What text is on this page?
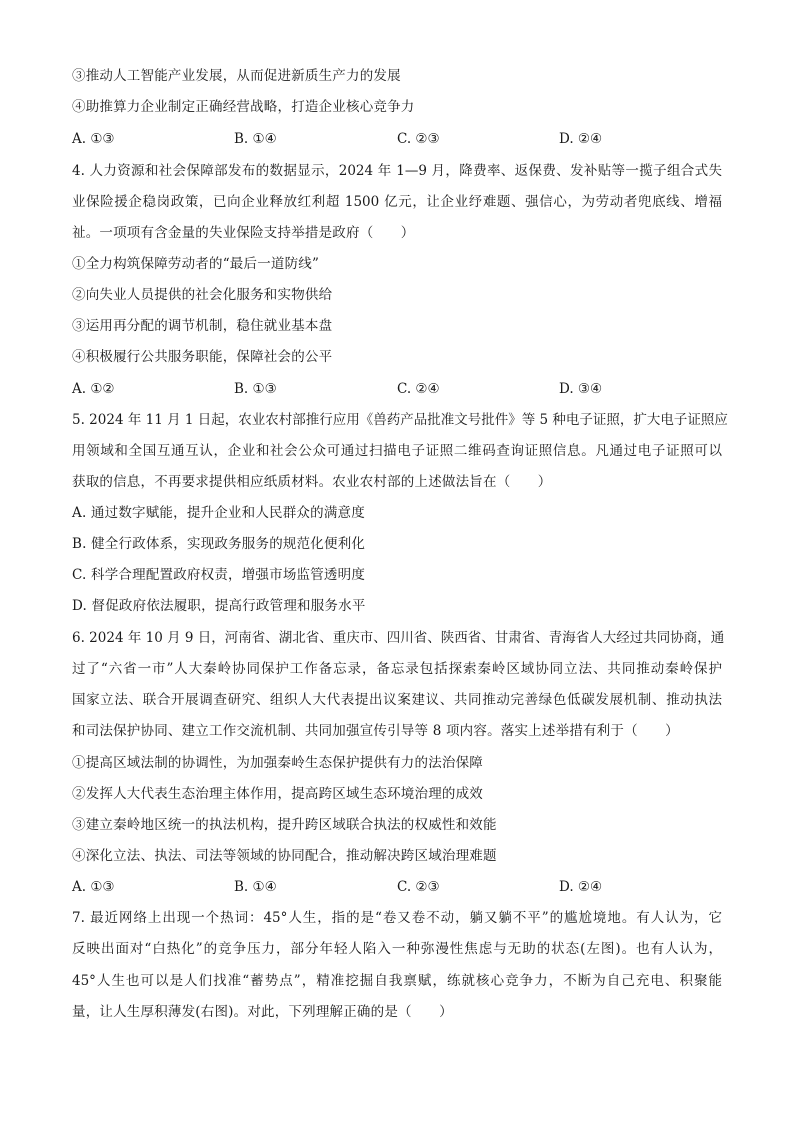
③推动人工智能产业发展，从而促进新质生产力的发展
④助推算力企业制定正确经营战略，打造企业核心竞争力
A. ①③	B. ①④	C. ②③	D. ②④
4. 人力资源和社会保障部发布的数据显示，2024 年 1—9 月，降费率、返保费、发补贴等一揽子组合式失
业保险援企稳岗政策，已向企业释放红利超 1500 亿元，让企业纾难题、强信心，为劳动者兜底线、增福
祉。一项项有含金量的失业保险支持举措是政府（　　）
①全力构筑保障劳动者的“最后一道防线”
②向失业人员提供的社会化服务和实物供给
③运用再分配的调节机制，稳住就业基本盘
④积极履行公共服务职能，保障社会的公平
A. ①②	B. ①③	C. ②④	D. ③④
5. 2024 年 11 月 1 日起，农业农村部推行应用《兽药产品批准文号批件》等 5 种电子证照，扩大电子证照应
用领域和全国互通互认，企业和社会公众可通过扫描电子证照二维码查询证照信息。凡通过电子证照可以
获取的信息，不再要求提供相应纸质材料。农业农村部的上述做法旨在（　　）
A. 通过数字赋能，提升企业和人民群众的满意度
B. 健全行政体系，实现政务服务的规范化便利化
C. 科学合理配置政府权责，增强市场监管透明度
D. 督促政府依法履职，提高行政管理和服务水平
6. 2024 年 10 月 9 日，河南省、湖北省、重庆市、四川省、陕西省、甘肃省、青海省人大经过共同协商，通
过了“六省一市”人大秦岭协同保护工作备忘录，备忘录包括探索秦岭区域协同立法、共同推动秦岭保护
国家立法、联合开展调查研究、组织人大代表提出议案建议、共同推动完善绿色低碳发展机制、推动执法
和司法保护协同、建立工作交流机制、共同加强宣传引导等 8 项内容。落实上述举措有利于（　　）
①提高区域法制的协调性，为加强秦岭生态保护提供有力的法治保障
②发挥人大代表生态治理主体作用，提高跨区域生态环境治理的成效
③建立秦岭地区统一的执法机构，提升跨区域联合执法的权威性和效能
④深化立法、执法、司法等领域的协同配合，推动解决跨区域治理难题
A. ①③	B. ①④	C. ②③	D. ②④
7. 最近网络上出现一个热词：45°人生，指的是“卷又卷不动，躺又躺不平”的尴尬境地。有人认为，它
反映出面对“白热化”的竞争压力，部分年轻人陷入一种弥漫性焦虑与无助的状态(左图)。也有人认为，
45°人生也可以是人们找准“蓄势点”，精准挖掘自我禀赋，练就核心竞争力，不断为自己充电、积聚能
量，让人生厚积薄发(右图)。对此，下列理解正确的是（　　）
